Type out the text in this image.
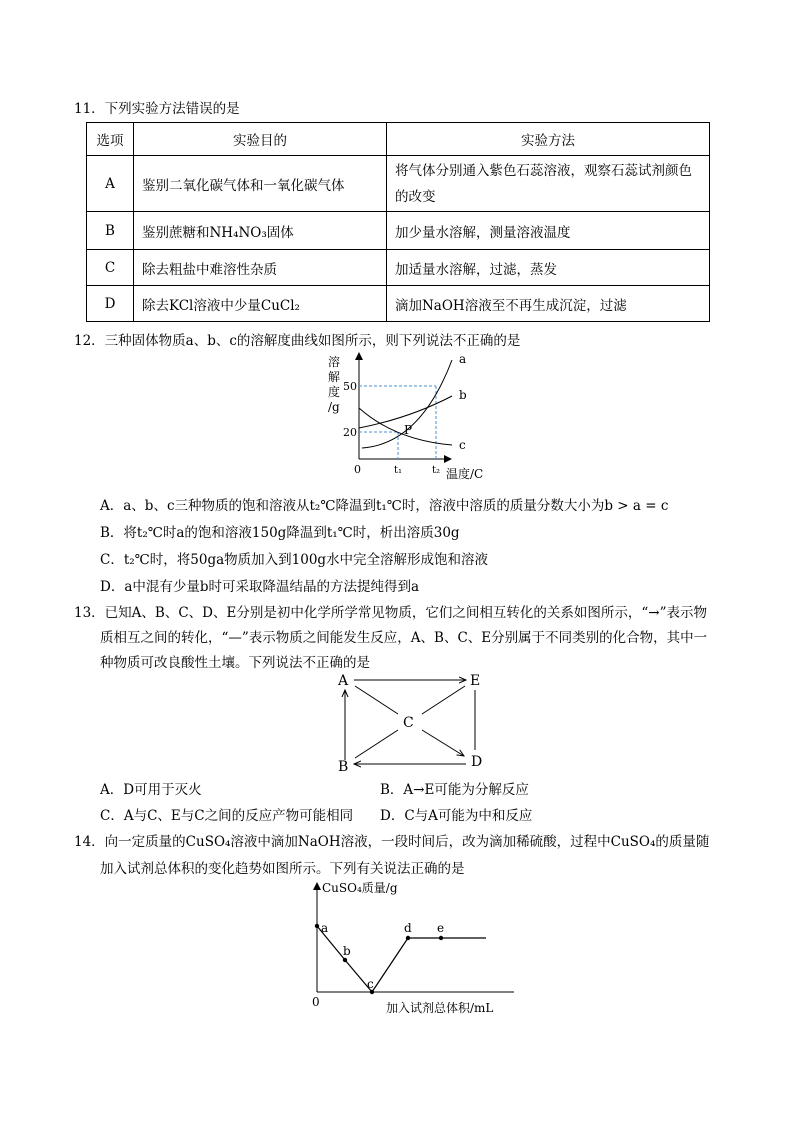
11．下列实验方法错误的是
选项	实验目的	实验方法
A	鉴别二氧化碳气体和一氧化碳气体	将气体分别通入紫色石蕊溶液，观察石蕊试剂颜色的改变
B	鉴别蔗糖和NH₄NO₃固体	加少量水溶解，测量溶液温度
C	除去粗盐中难溶性杂质	加适量水溶解，过滤，蒸发
D	除去KCl溶液中少量CuCl₂	滴加NaOH溶液至不再生成沉淀，过滤
12．三种固体物质a、b、c的溶解度曲线如图所示，则下列说法不正确的是
溶
解
度
/g
50
20
0	t₁	t₂ 温度/C
P
a
b
c
A．a、b、c三种物质的饱和溶液从t₂℃降温到t₁℃时，溶液中溶质的质量分数大小为b > a = c
B．将t₂℃时a的饱和溶液150g降温到t₁℃时，析出溶质30g
C．t₂℃时，将50ga物质加入到100g水中完全溶解形成饱和溶液
D．a中混有少量b时可采取降温结晶的方法提纯得到a
13．已知A、B、C、D、E分别是初中化学所学常见物质，它们之间相互转化的关系如图所示，“→”表示物
质相互之间的转化，“—”表示物质之间能发生反应，A、B、C、E分别属于不同类别的化合物，其中一
种物质可改良酸性土壤。下列说法不正确的是
A	E
C
B	D
A．D可用于灭火	B．A→E可能为分解反应
C．A与C、E与C之间的反应产物可能相同 D．C与A可能为中和反应
14．向一定质量的CuSO₄溶液中滴加NaOH溶液，一段时间后，改为滴加稀硫酸，过程中CuSO₄的质量随
加入试剂总体积的变化趋势如图所示。下列有关说法正确的是
CuSO₄质量/g
0	加入试剂总体积/mL
a
b
c
d e
